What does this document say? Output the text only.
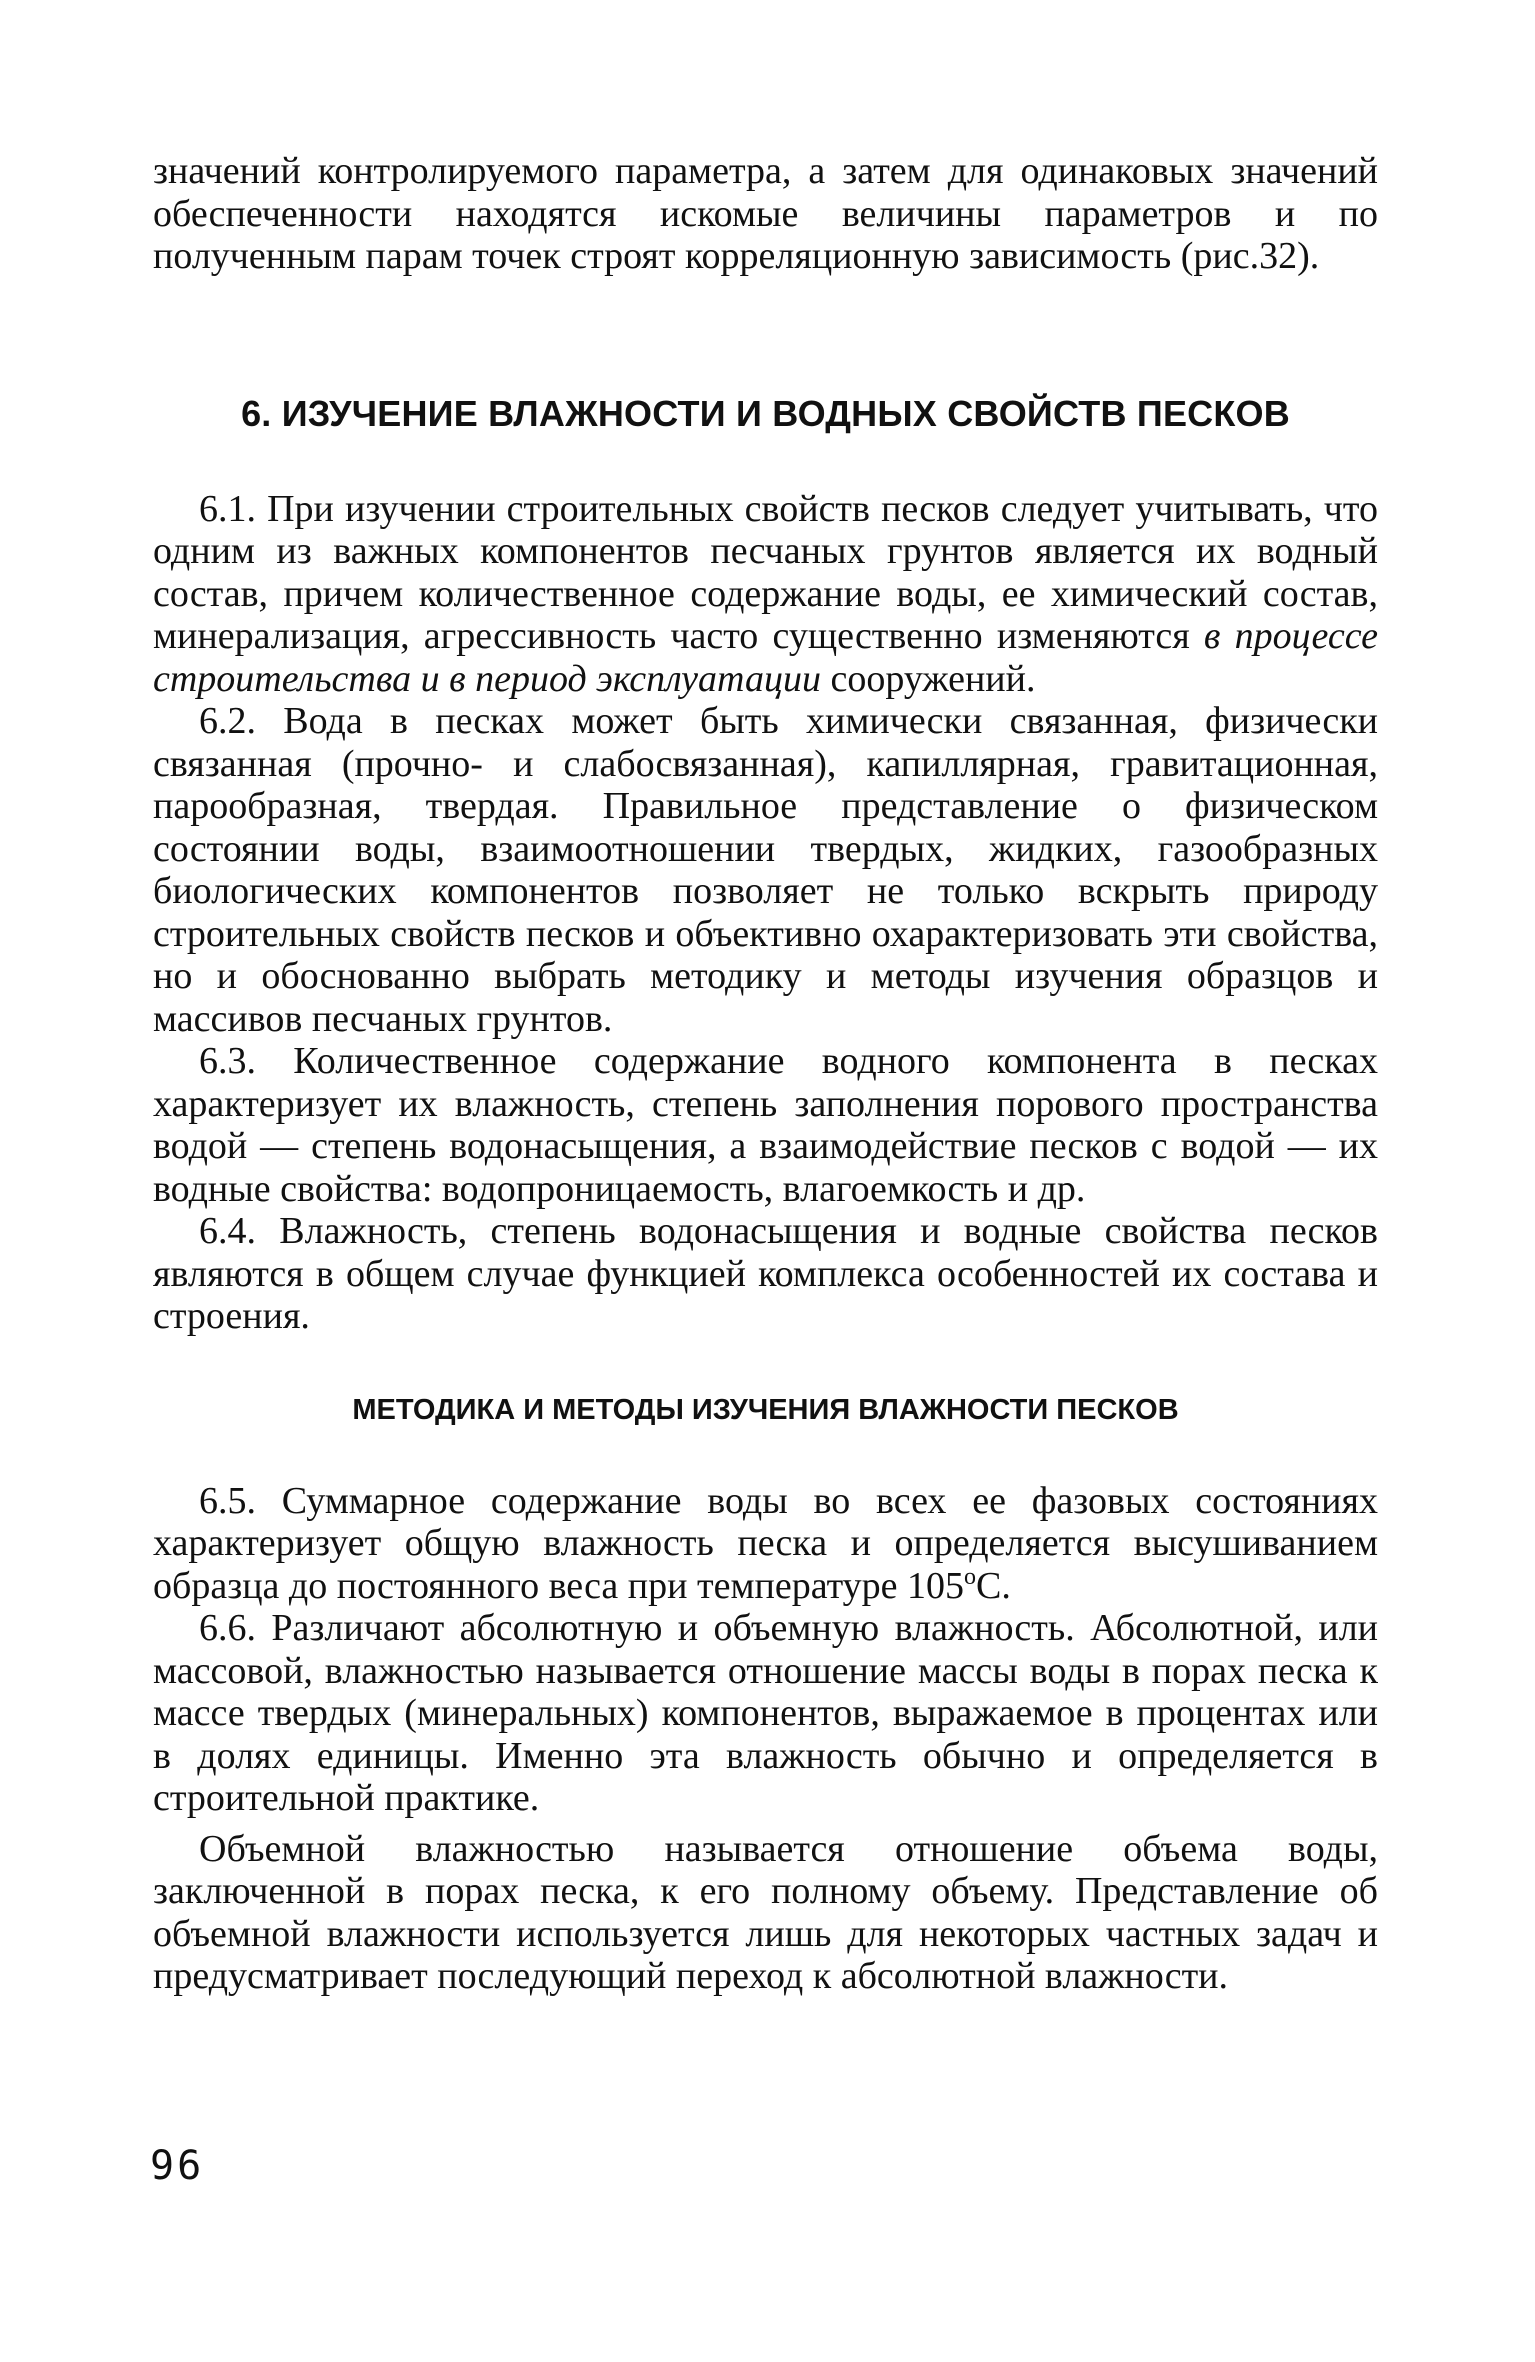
значений контролируемого параметра, а затем для одинаковых значений обеспеченности находятся искомые величины параметров и по полученным парам точек строят корреляционную зависимость (рис.32).

6. ИЗУЧЕНИЕ ВЛАЖНОСТИ И ВОДНЫХ СВОЙСТВ ПЕСКОВ

6.1. При изучении строительных свойств песков следует учитывать, что одним из важных компонентов песчаных грунтов является их водный состав, причем количественное содержание воды, ее химический состав, минерализация, агрессивность часто существенно изменяются в процессе строительства и в период эксплуатации сооружений.

6.2. Вода в песках может быть химически связанная, физически связанная (прочно- и слабосвязанная), капиллярная, гравитационная, парообразная, твердая. Правильное представление о физическом состоянии воды, взаимоотношении твердых, жидких, газообразных биологических компонентов позволяет не только вскрыть природу строительных свойств песков и объективно охарактеризовать эти свойства, но и обоснованно выбрать методику и методы изучения образцов и массивов песчаных грунтов.

6.3. Количественное содержание водного компонента в песках характеризует их влажность, степень заполнения порового пространства водой — степень водонасыщения, а взаимодействие песков с водой — их водные свойства: водопроницаемость, влагоемкость и др.

6.4. Влажность, степень водонасыщения и водные свойства песков являются в общем случае функцией комплекса особенностей их состава и строения.

МЕТОДИКА И МЕТОДЫ ИЗУЧЕНИЯ ВЛАЖНОСТИ ПЕСКОВ

6.5. Суммарное содержание воды во всех ее фазовых состояниях характеризует общую влажность песка и определяется высушиванием образца до постоянного веса при температуре 105$^o$С.

6.6. Различают абсолютную и объемную влажность. Абсолютной, или массовой, влажностью называется отношение массы воды в порах песка к массе твердых (минеральных) компонентов, выражаемое в процентах или в долях единицы. Именно эта влажность обычно и определяется в строительной практике.

Объемной влажностью называется отношение объема воды, заключенной в порах песка, к его полному объему. Представление об объемной влажности используется лишь для некоторых частных задач и предусматривает последующий переход к абсолютной влажности.

96
